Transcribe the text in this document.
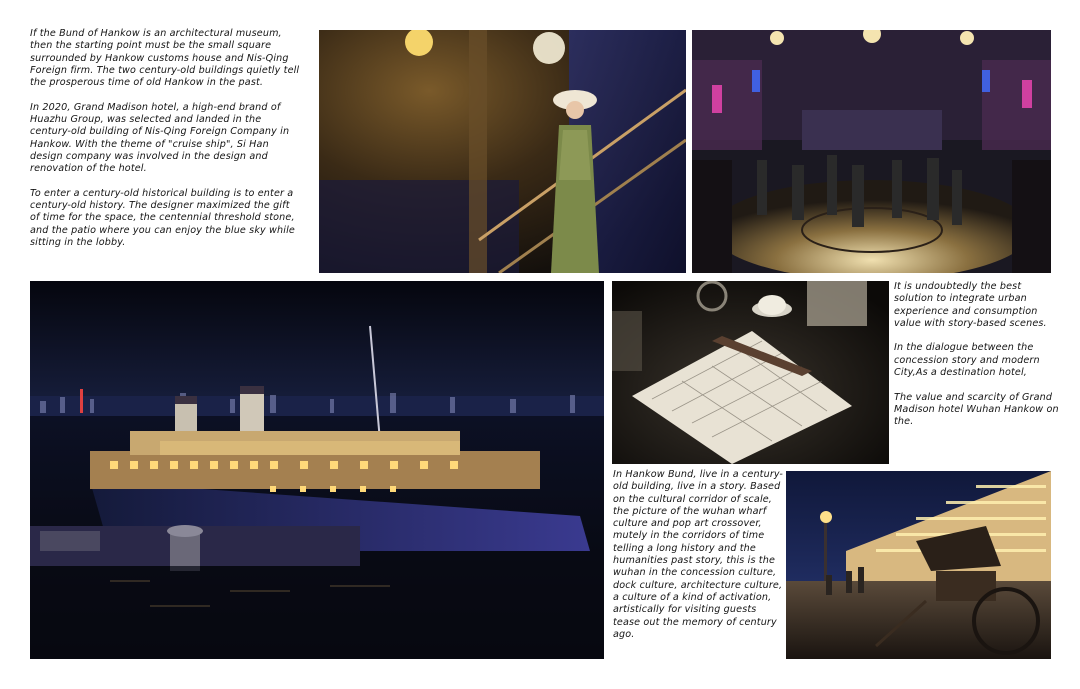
If the Bund of Hankow is an architectural museum, then the starting point must be the small square surrounded by Hankow customs house and Nis-Qing Foreign firm. The two century-old buildings quietly tell the prosperous time of old Hankow in the past.

In 2020, Grand Madison hotel, a high-end brand of Huazhu Group, was selected and landed in the century-old building of Nis-Qing Foreign Company in Hankow. With the theme of "cruise ship", Si Han design company was involved in the design and renovation of the hotel.

To enter a century-old historical building is to enter a century-old history. The designer maximized the gift of time for the space, the centennial threshold stone, and the patio where you can enjoy the blue sky while sitting in the lobby.

It is undoubtedly the best solution to integrate urban experience and consumption value with story-based scenes.

In the dialogue between the concession story and modern City,As a destination hotel,

The value and scarcity of Grand Madison hotel Wuhan Hankow on the.

In Hankow Bund, live in a century-old building, live in a story. Based on the cultural corridor of scale, the picture of the wuhan wharf culture and pop art crossover, mutely in the corridors of time telling a long history and the humanities past story, this is the wuhan in the concession culture, dock culture, architecture culture, a culture of a kind of activation, artistically for visiting guests tease out the memory of century ago.
